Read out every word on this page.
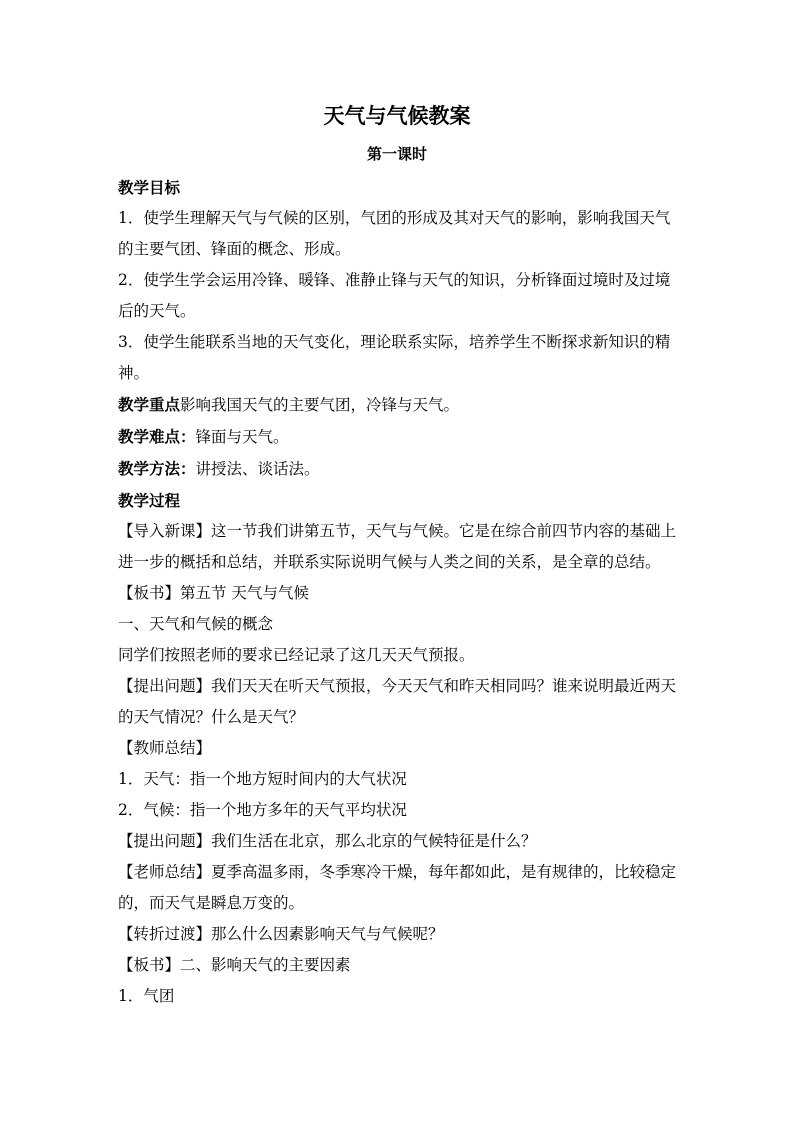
天气与气候教案
第一课时

教学目标

1．使学生理解天气与气候的区别，气团的形成及其对天气的影响，影响我国天气的主要气团、锋面的概念、形成。

2．使学生学会运用冷锋、暖锋、准静止锋与天气的知识，分析锋面过境时及过境后的天气。

3．使学生能联系当地的天气变化，理论联系实际，培养学生不断探求新知识的精神。

教学重点影响我国天气的主要气团，冷锋与天气。

教学难点：锋面与天气。

教学方法：讲授法、谈话法。

教学过程

【导入新课】这一节我们讲第五节，天气与气候。它是在综合前四节内容的基础上进一步的概括和总结，并联系实际说明气候与人类之间的关系，是全章的总结。

【板书】第五节 天气与气候

一、天气和气候的概念

同学们按照老师的要求已经记录了这几天天气预报。

【提出问题】我们天天在听天气预报，今天天气和昨天相同吗？谁来说明最近两天的天气情况？什么是天气？

【教师总结】

1．天气：指一个地方短时间内的大气状况

2．气候：指一个地方多年的天气平均状况

【提出问题】我们生活在北京，那么北京的气候特征是什么？

【老师总结】夏季高温多雨，冬季寒冷干燥，每年都如此，是有规律的，比较稳定的，而天气是瞬息万变的。

【转折过渡】那么什么因素影响天气与气候呢？

【板书】二、影响天气的主要因素

1．气团
